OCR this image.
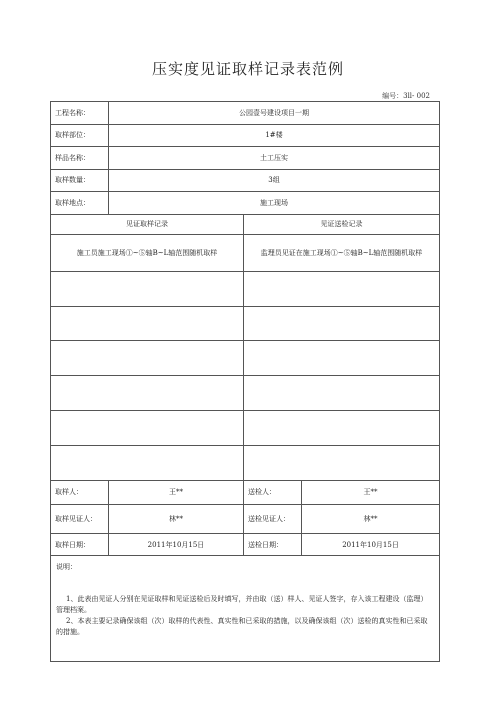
压实度见证取样记录表范例
编号：3ll- 002
工程名称：	公园壹号建设项目一期		
取样部位：	1#楼		
样品名称：	土工压实		
取样数量：	3组		
取样地点：	施工现场		
见证取样记录		见证送检记录	
施工员施工现场①~⑤轴B~L轴范围随机取样		监理员见证在施工现场①~⑤轴B~L轴范围随机取样	

取样人：	王**	送检人：	王**
取样见证人：	林**	送检见证人：	林**
取样日期：	2011年10月15日	送检日期：	2011年10月15日

说明：
1、此表由见证人分别在见证取样和见证送检后及时填写，并由取（送）样人、见证人签字，存入该工程建设（监理）管理档案。
2、本表主要记录确保该组（次）取样的代表性、真实性和已采取的措施，以及确保该组（次）送检的真实性和已采取的措施。			
